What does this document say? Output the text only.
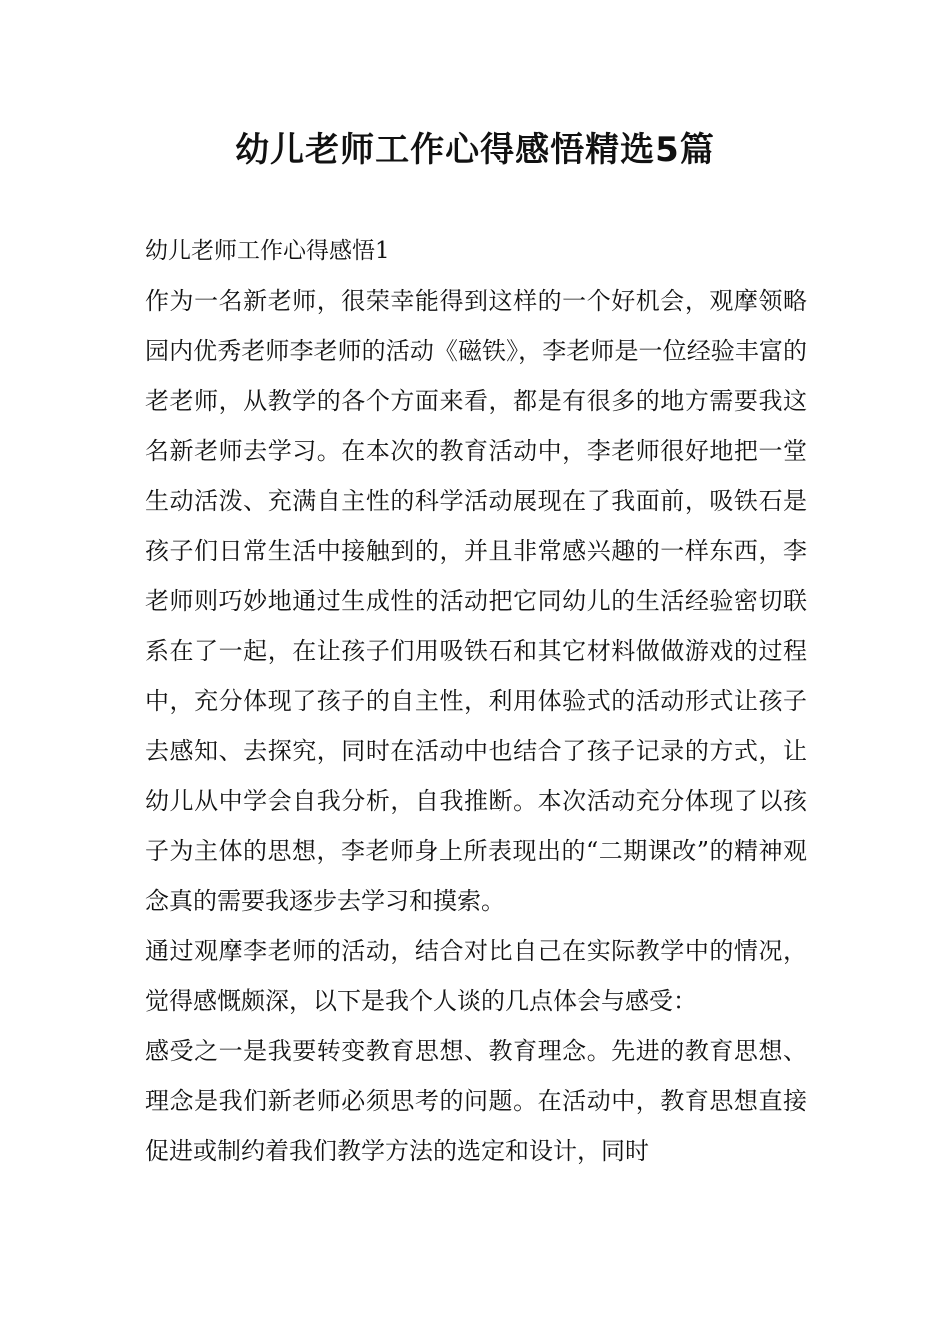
幼儿老师工作心得感悟精选5篇
幼儿老师工作心得感悟1

作为一名新老师，很荣幸能得到这样的一个好机会，观摩领略园内优秀老师李老师的活动《磁铁》，李老师是一位经验丰富的老老师，从教学的各个方面来看，都是有很多的地方需要我这名新老师去学习。在本次的教育活动中，李老师很好地把一堂生动活泼、充满自主性的科学活动展现在了我面前，吸铁石是孩子们日常生活中接触到的，并且非常感兴趣的一样东西，李老师则巧妙地通过生成性的活动把它同幼儿的生活经验密切联系在了一起，在让孩子们用吸铁石和其它材料做做游戏的过程中，充分体现了孩子的自主性，利用体验式的活动形式让孩子去感知、去探究，同时在活动中也结合了孩子记录的方式，让幼儿从中学会自我分析，自我推断。本次活动充分体现了以孩子为主体的思想，李老师身上所表现出的“二期课改”的精神观念真的需要我逐步去学习和摸索。

通过观摩李老师的活动，结合对比自己在实际教学中的情况，觉得感慨颇深，以下是我个人谈的几点体会与感受：

感受之一是我要转变教育思想、教育理念。先进的教育思想、理念是我们新老师必须思考的问题。在活动中，教育思想直接促进或制约着我们教学方法的选定和设计，同时
